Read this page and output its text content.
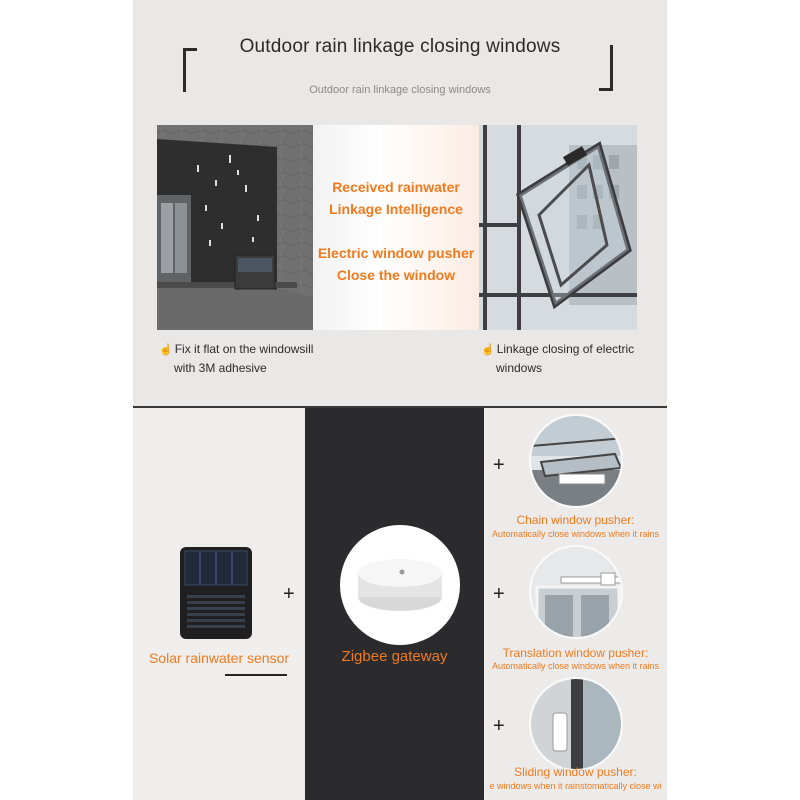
Outdoor rain linkage closing windows
Outdoor rain linkage closing windows
Received rainwater
Linkage Intelligence
Electric window pusher
Close the window
☝ Fix it flat on the windowsill
with 3M adhesive
☝ Linkage closing of electric
windows
Solar rainwater sensor
+
Zigbee gateway
+
Chain window pusher:
Automatically close windows when it rains
+
Translation window pusher:
Automatically close windows when it rains
+
Sliding window pusher:
e windows when it rainstomatically close wi
